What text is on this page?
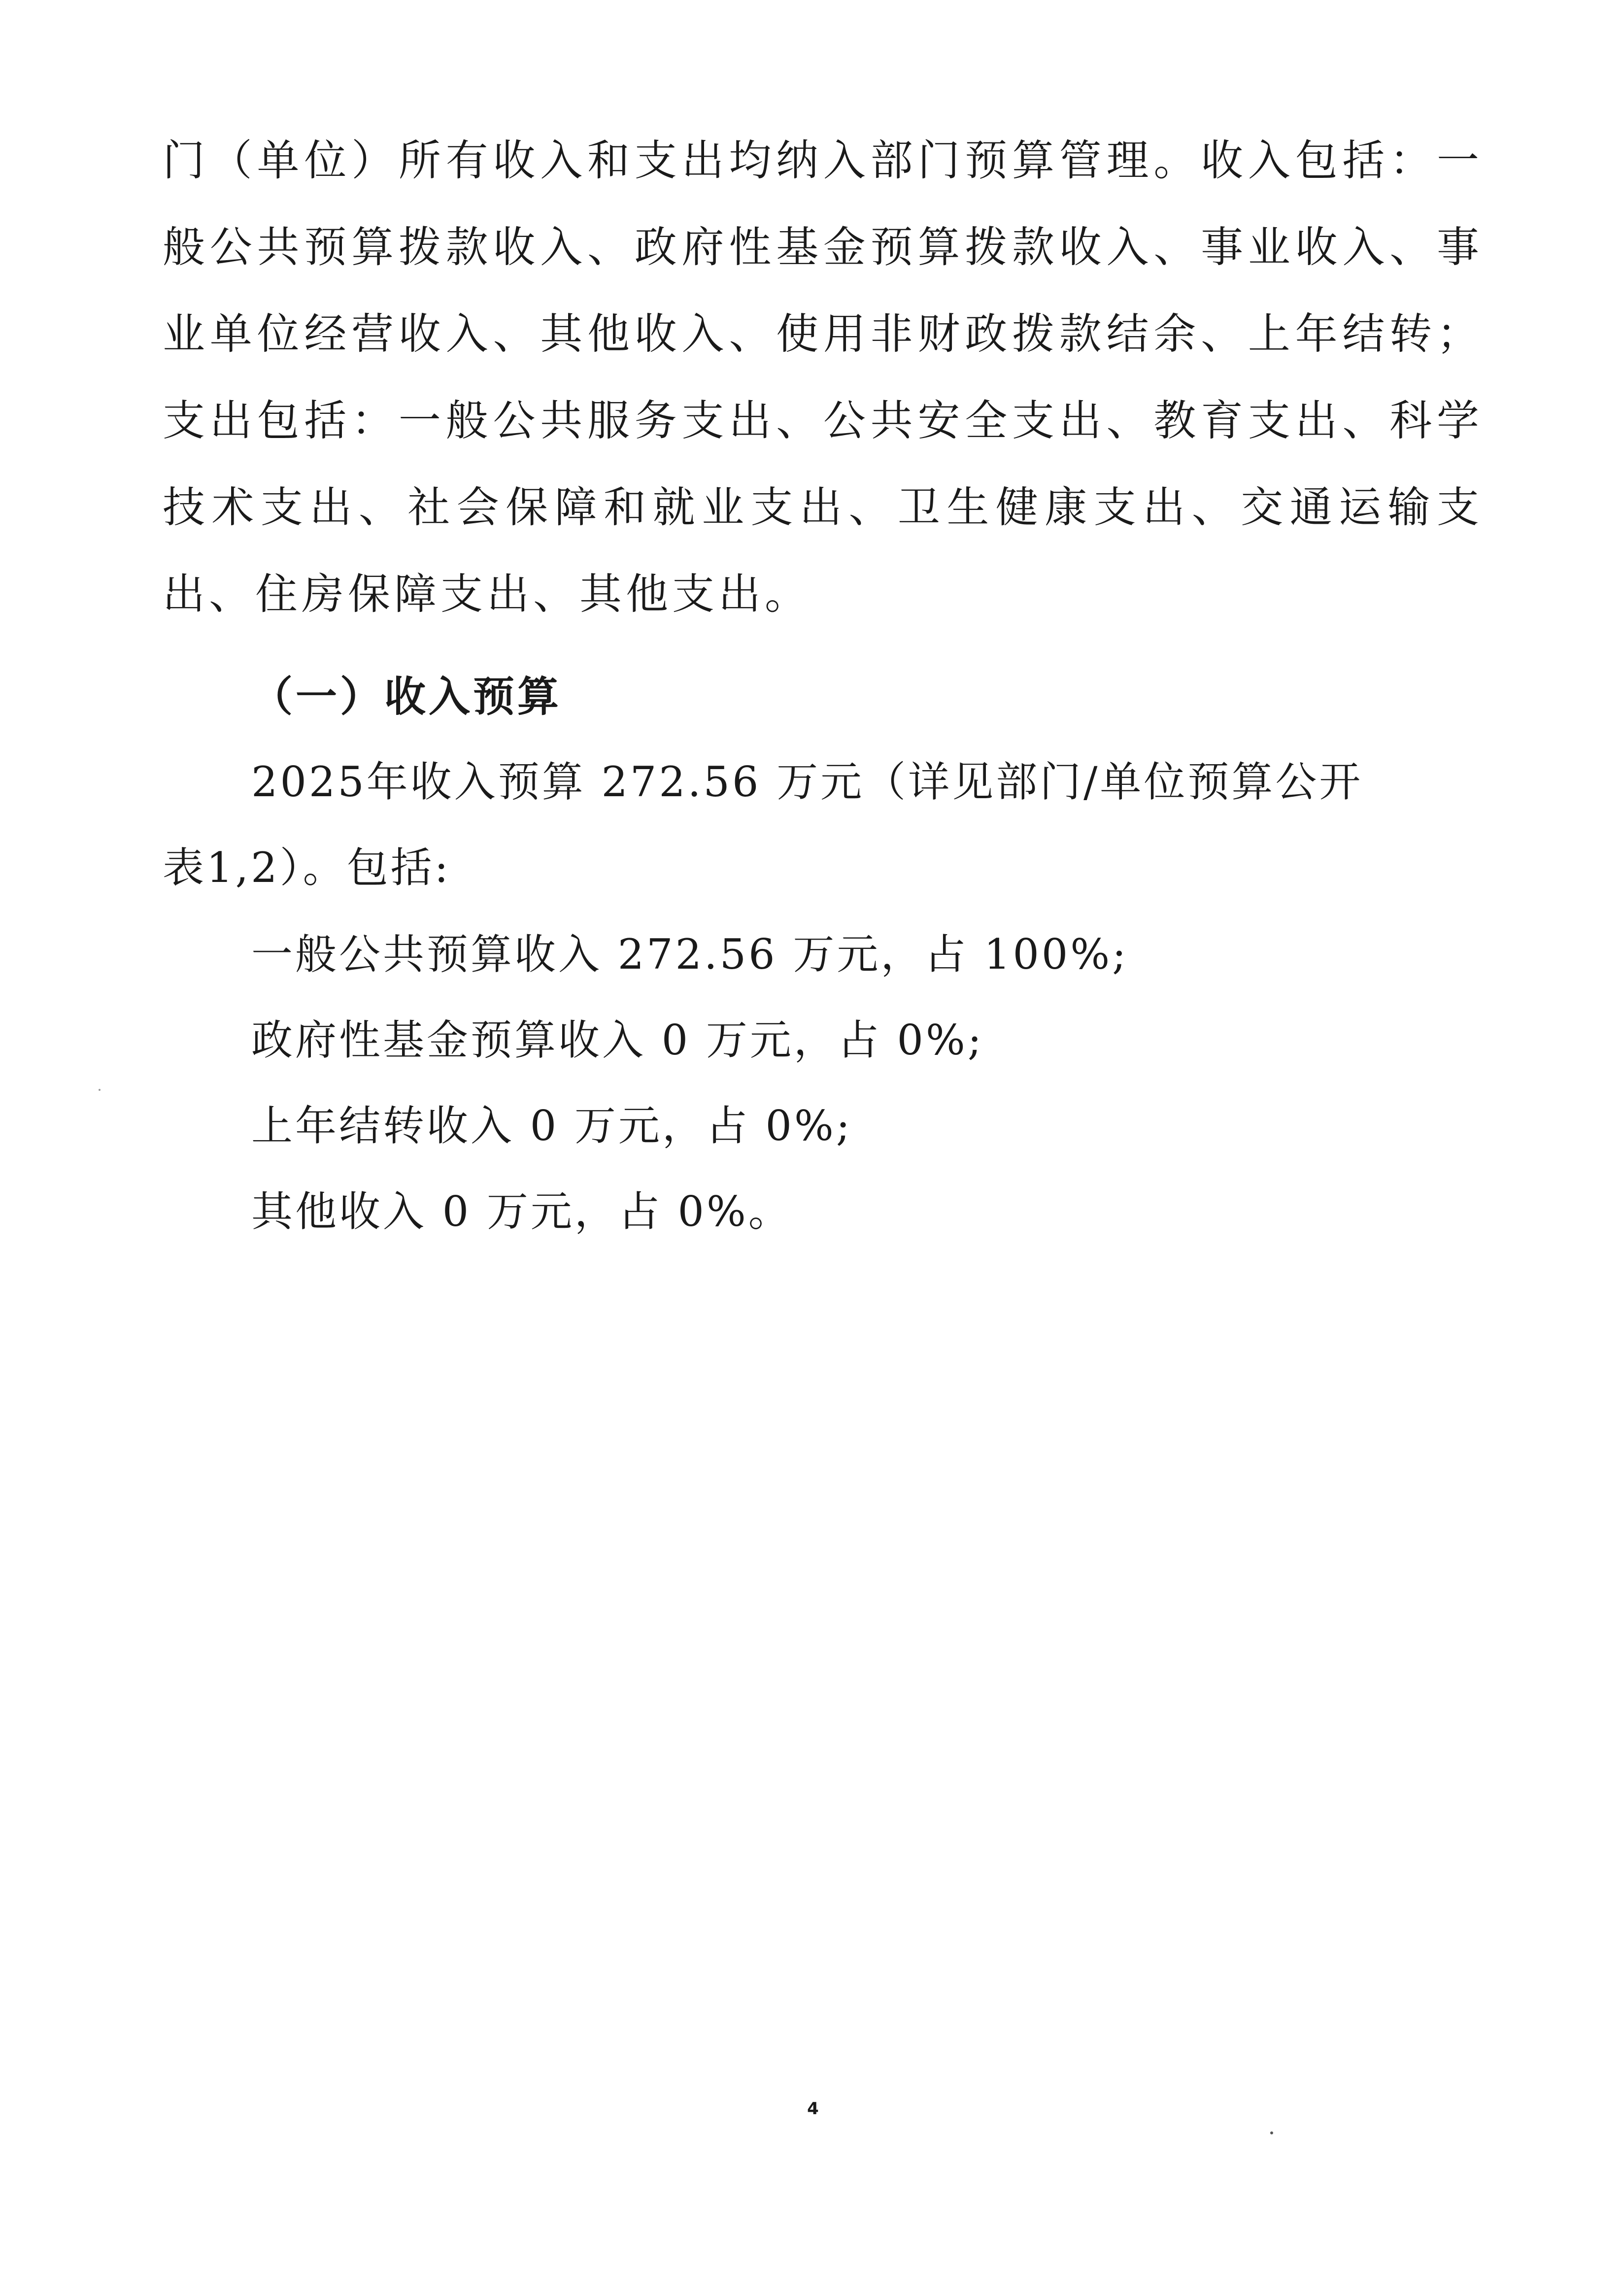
门（单位）所有收入和支出均纳入部门预算管理。收入包括：一般公共预算拨款收入、政府性基金预算拨款收入、事业收入、事业单位经营收入、其他收入、使用非财政拨款结余、上年结转；支出包括：一般公共服务支出、公共安全支出、教育支出、科学技术支出、社会保障和就业支出、卫生健康支出、交通运输支出、住房保障支出、其他支出。

（一）收入预算

2025年收入预算 272.56 万元（详见部门/单位预算公开表1,2）。包括:

一般公共预算收入 272.56 万元，占 100%;
政府性基金预算收入 0 万元，占 0%;
上年结转收入 0 万元，占 0%;
其他收入 0 万元，占 0%。
4
